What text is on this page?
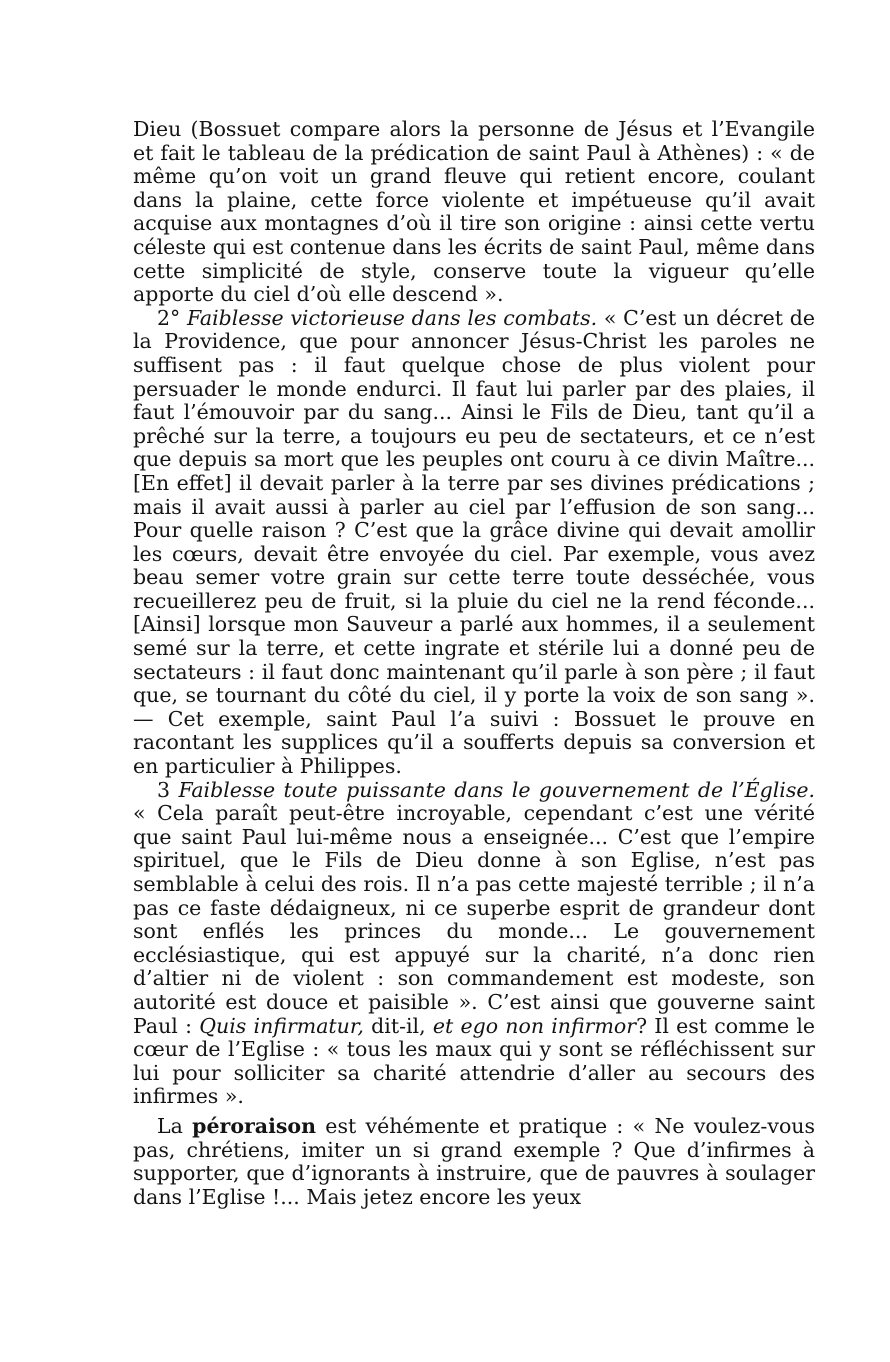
Dieu (Bossuet compare alors la personne de Jésus et l’Evangile et fait le tableau de la prédication de saint Paul à Athènes) : « de même qu’on voit un grand fleuve qui retient encore, coulant dans la plaine, cette force violente et impétueuse qu’il avait acquise aux montagnes d’où il tire son origine : ainsi cette vertu céleste qui est contenue dans les écrits de saint Paul, même dans cette simplicité de style, conserve toute la vigueur qu’elle apporte du ciel d’où elle descend ».

2° Faiblesse victorieuse dans les combats. « C’est un décret de la Providence, que pour annoncer Jésus-Christ les paroles ne suffisent pas : il faut quelque chose de plus violent pour persuader le monde endurci. Il faut lui parler par des plaies, il faut l’émouvoir par du sang... Ainsi le Fils de Dieu, tant qu’il a prêché sur la terre, a toujours eu peu de sectateurs, et ce n’est que depuis sa mort que les peuples ont couru à ce divin Maître... [En effet] il devait parler à la terre par ses divines prédications ; mais il avait aussi à parler au ciel par l’effusion de son sang... Pour quelle raison ? C’est que la grâce divine qui devait amollir les cœurs, devait être envoyée du ciel. Par exemple, vous avez beau semer votre grain sur cette terre toute desséchée, vous recueillerez peu de fruit, si la pluie du ciel ne la rend féconde... [Ainsi] lorsque mon Sauveur a parlé aux hommes, il a seulement semé sur la terre, et cette ingrate et stérile lui a donné peu de sectateurs : il faut donc maintenant qu’il parle à son père ; il faut que, se tournant du côté du ciel, il y porte la voix de son sang ». — Cet exemple, saint Paul l’a suivi : Bossuet le prouve en racontant les supplices qu’il a soufferts depuis sa conversion et en particulier à Philippes.

3 Faiblesse toute puissante dans le gouvernement de l’Église. « Cela paraît peut-être incroyable, cependant c’est une vérité que saint Paul lui-même nous a enseignée... C’est que l’empire spirituel, que le Fils de Dieu donne à son Eglise, n’est pas semblable à celui des rois. Il n’a pas cette majesté terrible ; il n’a pas ce faste dédaigneux, ni ce superbe esprit de grandeur dont sont enflés les princes du monde... Le gouvernement ecclésiastique, qui est appuyé sur la charité, n’a donc rien d’altier ni de violent : son commandement est modeste, son autorité est douce et paisible ». C’est ainsi que gouverne saint Paul : Quis infirmatur, dit-il, et ego non infirmor? Il est comme le cœur de l’Eglise : « tous les maux qui y sont se réfléchissent sur lui pour solliciter sa charité attendrie d’aller au secours des infirmes ».

La péroraison est véhémente et pratique : « Ne voulez-vous pas, chrétiens, imiter un si grand exemple ? Que d’infirmes à supporter, que d’ignorants à instruire, que de pauvres à soulager dans l’Eglise !... Mais jetez encore les yeux
